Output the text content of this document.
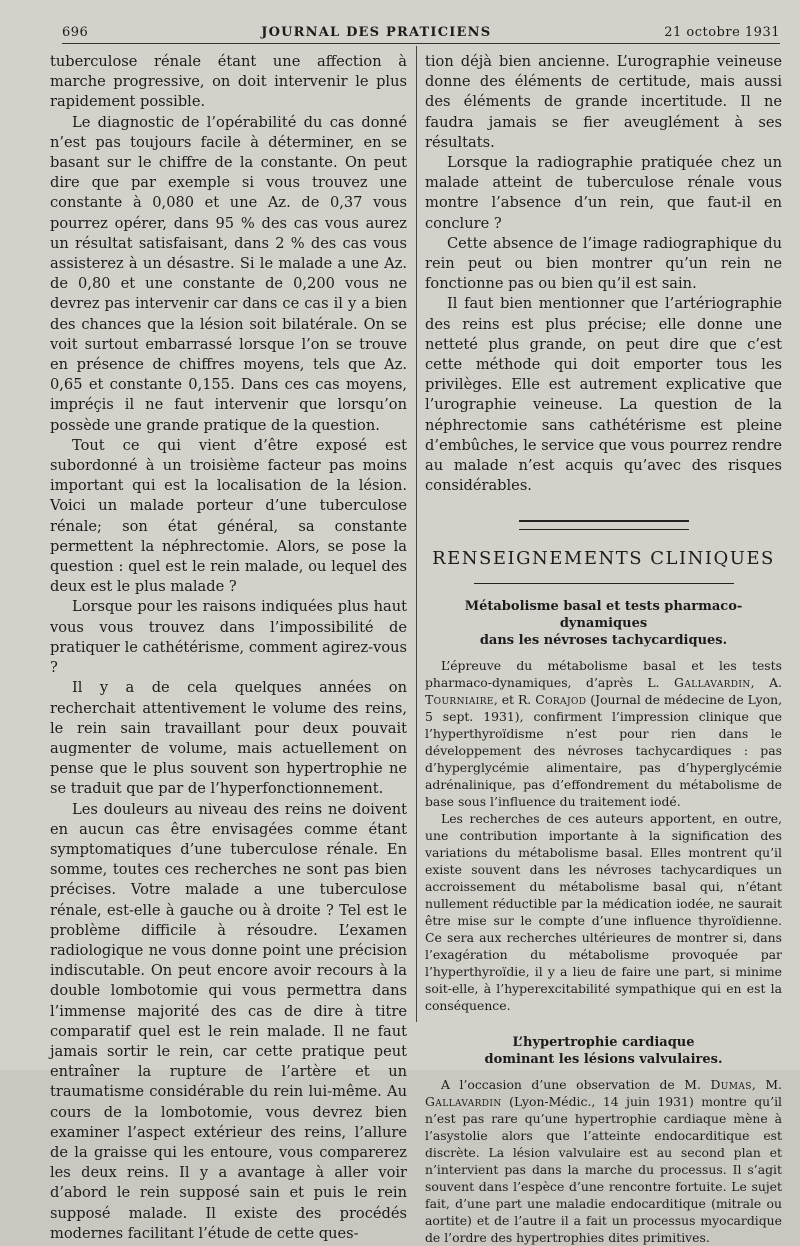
696	JOURNAL DES PRATICIENS	21 octobre 1931

tuberculose rénale étant une affection à marche progressive, on doit intervenir le plus rapidement possible.

Le diagnostic de l’opérabilité du cas donné n’est pas toujours facile à déterminer, en se basant sur le chiffre de la constante. On peut dire que par exemple si vous trouvez une constante à 0,080 et une Az. de 0,37 vous pourrez opérer, dans 95 % des cas vous aurez un résultat satisfaisant, dans 2 % des cas vous assisterez à un désastre. Si le malade a une Az. de 0,80 et une constante de 0,200 vous ne devrez pas intervenir car dans ce cas il y a bien des chances que la lésion soit bilatérale. On se voit surtout embarrassé lorsque l’on se trouve en présence de chiffres moyens, tels que Az. 0,65 et constante 0,155. Dans ces cas moyens, impréçis il ne faut intervenir que lorsqu’on possède une grande pratique de la question.

Tout ce qui vient d’être exposé est subordonné à un troisième facteur pas moins important qui est la localisation de la lésion. Voici un malade porteur d’une tuberculose rénale; son état général, sa constante permettent la néphrectomie. Alors, se pose la question : quel est le rein malade, ou lequel des deux est le plus malade ?

Lorsque pour les raisons indiquées plus haut vous vous trouvez dans l’impossibilité de pratiquer le cathétérisme, comment agirez-vous ?

Il y a de cela quelques années on recherchait attentivement le volume des reins, le rein sain travaillant pour deux pouvait augmenter de volume, mais actuellement on pense que le plus souvent son hypertrophie ne se traduit que par de l’hyperfonctionnement.

Les douleurs au niveau des reins ne doivent en aucun cas être envisagées comme étant symptomatiques d’une tuberculose rénale. En somme, toutes ces recherches ne sont pas bien précises. Votre malade a une tuberculose rénale, est-elle à gauche ou à droite ? Tel est le problème difficile à résoudre. L’examen radiologique ne vous donne point une précision indiscutable. On peut encore avoir recours à la double lombotomie qui vous permettra dans l’immense majorité des cas de dire à titre comparatif quel est le rein malade. Il ne faut jamais sortir le rein, car cette pratique peut entraîner la rupture de l’artère et un traumatisme considérable du rein lui-même. Au cours de la lombotomie, vous devrez bien examiner l’aspect extérieur des reins, l’allure de la graisse qui les entoure, vous comparerez les deux reins. Il y a avantage à aller voir d’abord le rein supposé sain et puis le rein supposé malade. Il existe des procédés modernes facilitant l’étude de cette ques-

tion déjà bien ancienne. L’urographie veineuse donne des éléments de certitude, mais aussi des éléments de grande incertitude. Il ne faudra jamais se fier aveuglément à ses résultats.

Lorsque la radiographie pratiquée chez un malade atteint de tuberculose rénale vous montre l’absence d’un rein, que faut-il en conclure ?

Cette absence de l’image radiographique du rein peut ou bien montrer qu’un rein ne fonctionne pas ou bien qu’il est sain.

Il faut bien mentionner que l’artériographie des reins est plus précise; elle donne une netteté plus grande, on peut dire que c’est cette méthode qui doit emporter tous les privilèges. Elle est autrement explicative que l’urographie veineuse. La question de la néphrectomie sans cathétérisme est pleine d’embûches, le service que vous pourrez rendre au malade n’est acquis qu’avec des risques considérables.

RENSEIGNEMENTS CLINIQUES
Métabolisme basal et tests pharmaco-dynamiques
dans les névroses tachycardiques.

L’épreuve du métabolisme basal et les tests pharmaco-dynamiques, d’après L. Gallavardin, A. Tourniaire, et R. Corajod (Journal de médecine de Lyon, 5 sept. 1931), confirment l’impression clinique que l’hyperthyroïdisme n’est pour rien dans le développement des névroses tachycardiques : pas d’hyperglycémie alimentaire, pas d’hyperglycémie adrénalinique, pas d’effondrement du métabolisme de base sous l’influence du traitement iodé.

Les recherches de ces auteurs apportent, en outre, une contribution importante à la signification des variations du métabolisme basal. Elles montrent qu’il existe souvent dans les névroses tachycardiques un accroissement du métabolisme basal qui, n’étant nullement réductible par la médication iodée, ne saurait être mise sur le compte d’une influence thyroïdienne. Ce sera aux recherches ultérieures de montrer si, dans l’exagération du métabolisme provoquée par l’hyperthyroïdie, il y a lieu de faire une part, si minime soit-elle, à l’hyperexcitabilité sympathique qui en est la conséquence.

L’hypertrophie cardiaque
dominant les lésions valvulaires.

A l’occasion d’une observation de M. Dumas, M. Gallavardin (Lyon-Médic., 14 juin 1931) montre qu’il n’est pas rare qu’une hypertrophie cardiaque mène à l’asystolie alors que l’atteinte endocarditique est discrète. La lésion valvulaire est au second plan et n’intervient pas dans la marche du processus. Il s’agit souvent dans l’espèce d’une rencontre fortuite. Le sujet fait, d’une part une maladie endocarditique (mitrale ou aortite) et de l’autre il a fait un processus myocardique de l’ordre des hypertrophies dites primitives.
